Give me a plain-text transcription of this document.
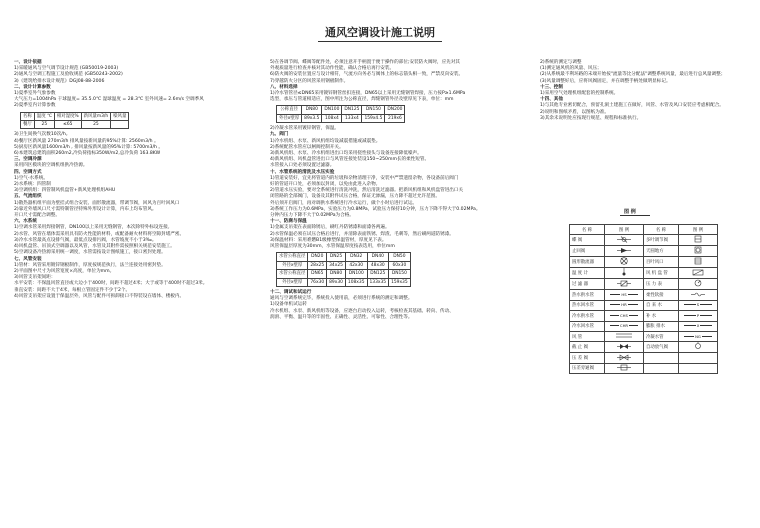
通风空调设计施工说明

一、设计依据

1)采暖通风与空气调节设计规范 (GB50019-2003)

2)通风与空调工程施工及验收规范 (GB50243-2002)

3)《建筑给排水设计规范》DGJ08-88-2006

二、设计计算参数

1)夏季室外气象参数

大气压力=1004hPa 干球温度= 35.5.0℃ 湿球温度 = 28.3℃ 室外风速= 2.6m/s 空调季风

2)夏季室内计算参数

名称	温度 ℃	相对湿度%	新风量m3/h	噪风量
餐厅	25	≤65	25	

3)卫生间换气次数10次/h。

4)餐厅区新风量 270m3/h 排风量按新风量的95%计算: 2560m3/h 。

5)厨房区新风量1600m3/h , 排风量按新风量的95%计算: 5700m3/h 。

6)本建筑总建筑面积260m2,冷负荷指标350W/m2,总冷负荷 163.8KW

三、空调冷源

采用四区模块的空调机组供冷热源。

四、空调方式

1)空气-水系统。

2)水系统：四管制

3)空调机组：四管制风机盘管+新风处理机组AHU

五、气流组织

1)散热器机组平面为壁挂式组合安装、面形散流器，带调节阀，回风为百叶回风口

2)靠近外墙风口尺寸需特制管径特殊外形设计计算，内布上均布管风。

开口尺寸需配合调整。

六、水系统

1)空调水管采用焊接钢管，DN100以上采用无缝钢管，本次除特外标设连接。

2)水管、风管在墙体需采用具有防火性能的材料，或配备耐火材料将空隙封堵严密。

3)冷水水管最高点设排气阀，最低点设排污阀，水管坡度不小于3‰。

4)风机盘管、吊顶式空调器以及风管，水管及其附件需按照相关规范安装施工。

5)空调设备冷热源采用统一调度，水管需按设计图纸施工，接口密封处理。

七、风管安装

1)管材：风管采用镀锌钢板制作，厚度按规范执行，法兰连接处用密封垫。

2)平面图中尺寸为风管宽度×高度，单位为mm。

3)风管支吊架间距：

水平安装：不保温风管直径或大边小于400时，间距不超过4米；大于或等于400时不超过3米。

垂直安装：间距不大于4米，每根立管固定件不少于2个。

4)风管支吊架应设置于保温层外，风管与配件可拆卸接口不得装设在墙体、楼板内。

5)在各调节阀、蝶阀等配件处，必须注意开手柄置于便于操作的部位;安装防火阀时，应先对其

外观质量进行检查并核对其动作性能，确认合格后再行安装。

6)防火阀的安装位置应与设计相符，气流方向务必与阀体上的标志箭头相一致，严禁反向安装。

7)穿越防火分区的风管采用钢板制作。

八、材料选择

1)冷水管管径≤DN65采用镀锌钢管丝扣连接，DN65以上采用无缝钢管焊接，压力按P≥1.6MPa

选型，承压与管道相适应，图中所注为公称直径，焊缝钢管外径及壁厚见下表，单位：mm

公称直径	DN80	DN100	DN125	DN150	DN200
外径x壁厚	89x3.5	108x4	133x4	159x4.5	219x6

2)冷凝水管采用镀锌钢管，保温。

九、阀门

1)冷水机组、水泵、新风机组均设减震措施或减震垫。

2)系统配管水管应以闸阀控制开关。

3)新风机组、水泵、冷水机组进出口均采用挠性接头与设备连接降低噪声。

4)新风机组、风机盘管进出口与风管连接处装设150~250mm长的柔性短管。

水管接入口处必须设置过滤器。

十、水管系统的清洗及水压实验

1)管道安装好，宜先将管道内的垃圾和杂物清理干净，安装中严禁遗留杂物，各设备前后阀门

好的管道开口处，必须加以封闭，以免由此进入杂物。

2)管道水压实验，要对全系统进行清洗冲洗，然后清洗过滤器。把新风机组和风机盘管进出口关

闭管路的全部阀门，设备及其附件试压合格，保证无渗漏，压力降不超过允许范围。

外后须开启阀门，再对调供水系统进行冷水运行，做个小时后进行试运。

3)系统工作压力为0.6MPa，实验压力为0.8MPa，试验压力保持10分钟，压力下降不得大于0.02MPa。

分钟内压力下降不大于0.02MPa为合格。

十一、防腐与保温

1)金属支吊架在表面除锈后，刷红丹防锈漆和面漆各两遍。

2)水管保温必须在试压合格后进行，并清除表面铁锈、焊渣、毛刺等，然后刷两道防锈漆。

3)保温材料：采用难燃B1级橡塑保温管材，厚度见下表。

风管保温层厚度为30mm，水管保温厚度按表选用，单位mm

水管公称直径	DN20	DN25	DN32	DN40	DN50
外径x壁厚	28x25	34x25	42x30	48x30	60x30
水管公称直径	DN65	DN80	DN100	DN125	DN150
外径x壁厚	76x30	89x30	108x35	133x35	159x35

十二、调试和试运行

通风与空调系统完毕，系统投入使用前，必须进行系统的测定和调整。

1)设备单机试运转

冷水机组、水泵、新风机组等设备，应逐台启动投入运转，考核检查其基础、转向、传动、

润滑、平衡、温升等的牢固性、正确性、灵活性、可靠性、合理性等。

2)系统的测定与调整

(1)测定通风机的风量、风压；

(2)从系统最不利环路的末端开始按"流量等比分配法"调整系统风量，最后进行总风量调整；

(3)风量调整好后，应将风阀固定，并在调整手柄处做明显标记。

十三、控制

1)采用空气处理机组配套的控制系统。

十四、其他

1)与其他专业密切配合，预留孔洞土建施工在做好，风管、水管及风口安装应考虑相配合。

2)说明和图纸矛盾，以图纸为准。

3)其余未说明处应按现行规范、规程和标准执行。

图 例
名 称	图 例	名 称	图 例
蝶 阀		多叶调节阀	
止回阀		天圆地方	
圆形散流器		百叶风口	
温 度 计		风 机 盘 管	
过 滤 器		压 力 表	
热水供水管	HS	柔性软接	
热水回水管	HR	自 来 水	S
冷水供水管	CHS	补 水	P
冷水回水管	CHR	膨胀 排水	X
风 管		冷凝水管	NG
截 止 阀		自动放气阀	
压 差 阀			
压差旁通阀			
